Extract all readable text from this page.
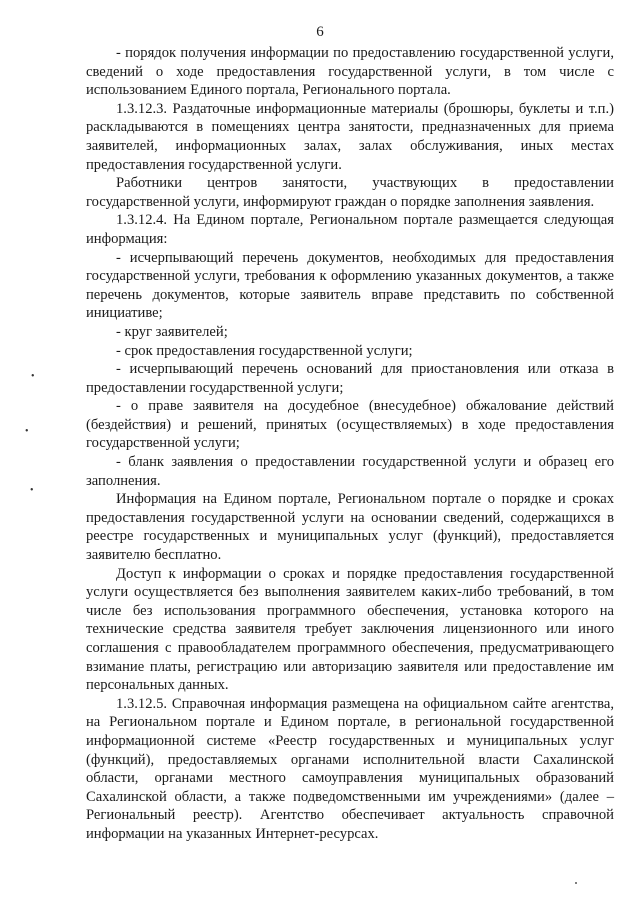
6

- порядок получения информации по предоставлению государственной услуги, сведений о ходе предоставления государственной услуги, в том числе с использованием Единого портала, Регионального портала.

1.3.12.3. Раздаточные информационные материалы (брошюры, буклеты и т.п.) раскладываются в помещениях центра занятости, предназначенных для приема заявителей, информационных залах, залах обслуживания, иных местах предоставления государственной услуги.

Работники центров занятости, участвующих в предоставлении государственной услуги, информируют граждан о порядке заполнения заявления.

1.3.12.4. На Едином портале, Региональном портале размещается следующая информация:

- исчерпывающий перечень документов, необходимых для предоставления государственной услуги, требования к оформлению указанных документов, а также перечень документов, которые заявитель вправе представить по собственной инициативе;

- круг заявителей;

- срок предоставления государственной услуги;

- исчерпывающий перечень оснований для приостановления или отказа в предоставлении государственной услуги;

- о праве заявителя на досудебное (внесудебное) обжалование действий (бездействия) и решений, принятых (осуществляемых) в ходе предоставления государственной услуги;

- бланк заявления о предоставлении государственной услуги и образец его заполнения.

Информация на Едином портале, Региональном портале о порядке и сроках предоставления государственной услуги на основании сведений, содержащихся в реестре государственных и муниципальных услуг (функций), предоставляется заявителю бесплатно.

Доступ к информации о сроках и порядке предоставления государственной услуги осуществляется без выполнения заявителем каких-либо требований, в том числе без использования программного обеспечения, установка которого на технические средства заявителя требует заключения лицензионного или иного соглашения с правообладателем программного обеспечения, предусматривающего взимание платы, регистрацию или авторизацию заявителя или предоставление им персональных данных.

1.3.12.5. Справочная информация размещена на официальном сайте агентства, на Региональном портале и Едином портале, в региональной государственной информационной системе «Реестр государственных и муниципальных услуг (функций), предоставляемых органами исполнительной власти Сахалинской области, органами местного самоуправления муниципальных образований Сахалинской области, а также подведомственными им учреждениями» (далее – Региональный реестр). Агентство обеспечивает актуальность справочной информации на указанных Интернет-ресурсах.

•
•
•
